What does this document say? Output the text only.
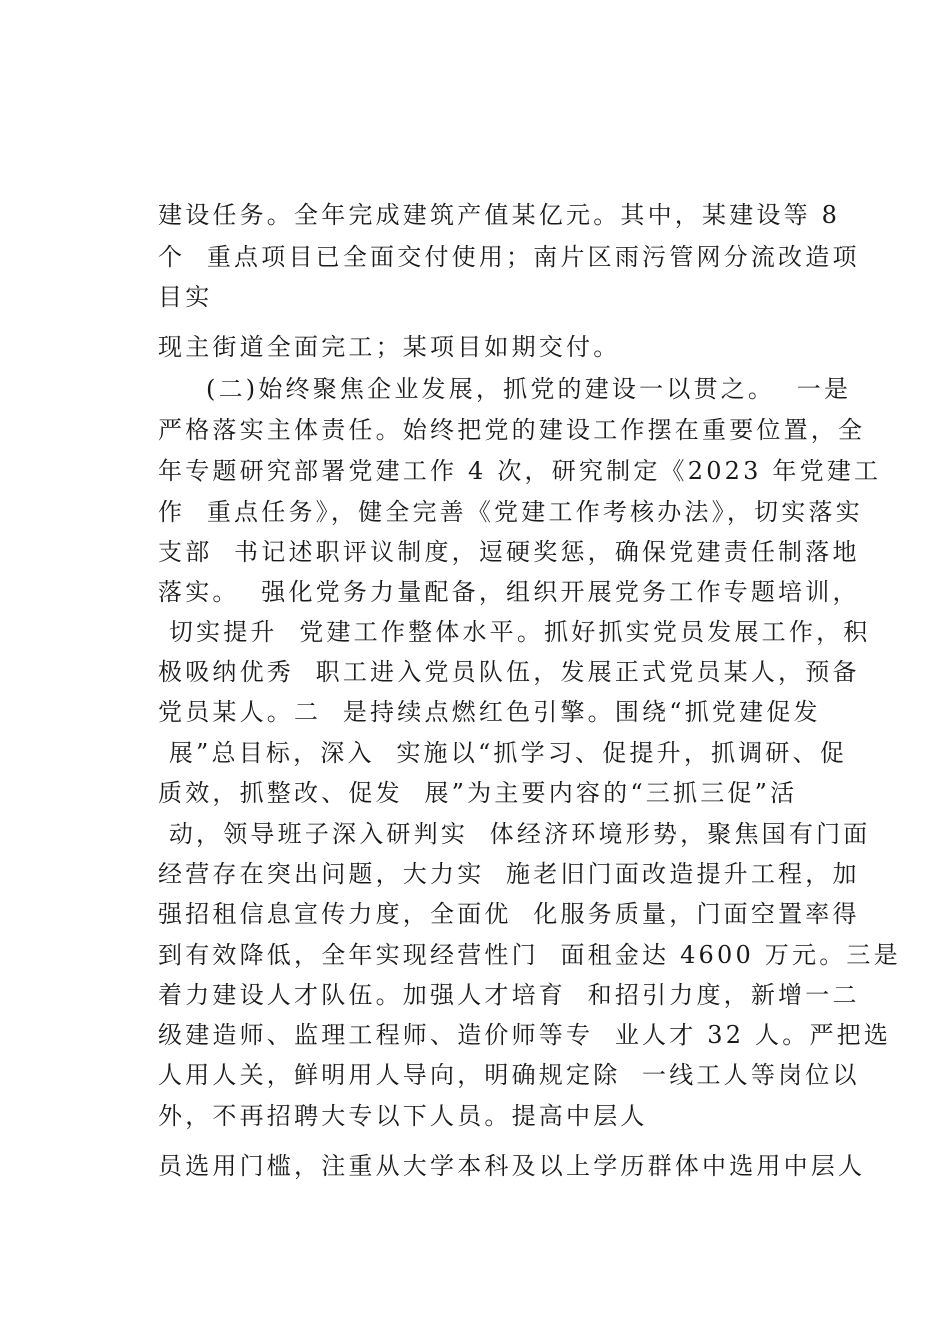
建设任务。全年完成建筑产值某亿元。其中，某建设等 8
个  重点项目已全面交付使用；南片区雨污管网分流改造项
目实
现主街道全面完工；某项目如期交付。
(二)始终聚焦企业发展，抓党的建设一以贯之。  一是
严格落实主体责任。始终把党的建设工作摆在重要位置，全
年专题研究部署党建工作 4 次，研究制定《2023 年党建工
作  重点任务》，健全完善《党建工作考核办法》，切实落实
支部  书记述职评议制度，逗硬奖惩，确保党建责任制落地
落实。  强化党务力量配备，组织开展党务工作专题培训，
切实提升  党建工作整体水平。抓好抓实党员发展工作，积
极吸纳优秀  职工进入党员队伍，发展正式党员某人，预备
党员某人。二  是持续点燃红色引擎。围绕“抓党建促发
展”总目标，深入  实施以“抓学习、促提升，抓调研、促
质效，抓整改、促发  展”为主要内容的“三抓三促”活
动，领导班子深入研判实  体经济环境形势，聚焦国有门面
经营存在突出问题，大力实  施老旧门面改造提升工程，加
强招租信息宣传力度，全面优  化服务质量，门面空置率得
到有效降低，全年实现经营性门  面租金达 4600 万元。三是
着力建设人才队伍。加强人才培育  和招引力度，新增一二
级建造师、监理工程师、造价师等专  业人才 32 人。严把选
人用人关，鲜明用人导向，明确规定除  一线工人等岗位以
外，不再招聘大专以下人员。提高中层人
员选用门槛，注重从大学本科及以上学历群体中选用中层人
